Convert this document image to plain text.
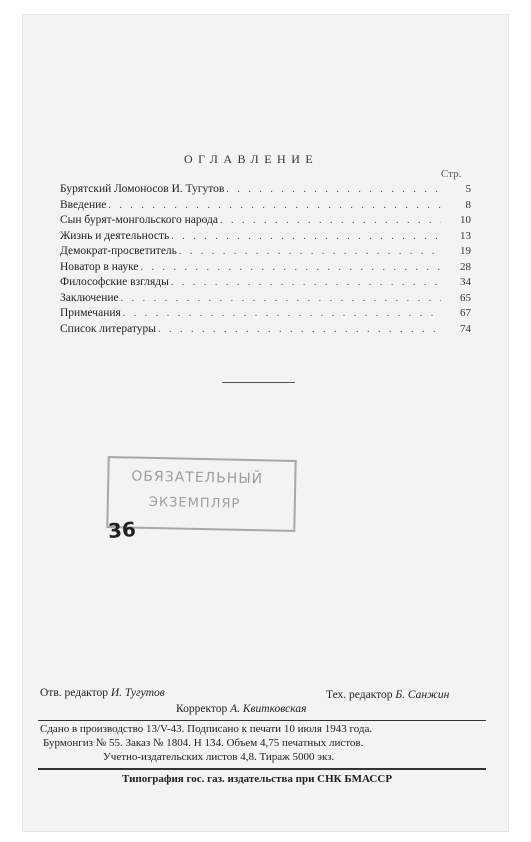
ОГЛАВЛЕНИЕ
Стр.
Бурятский Ломоносов И. Тугутов . . .	5
Введение . . .	8
Сын бурят-монгольского народа . . .	10
Жизнь и деятельность . . .	13
Демократ-просветитель . . .	19
Новатор в науке . . .	28
Философские взгляды . . .	34
Заключение . . .	65
Примечания . . .	67
Список литературы . . .	74
ОБЯЗАТЕЛЬНЫЙ
ЭКЗЕМПЛЯР
36
Отв. редактор И. Тугутов	Тех. редактор Б. Санжин
Корректор А. Квитковская
Сдано в производство 13/V-43. Подписано к печати 10 июля 1943 года.
Бурмонгиз № 55. Заказ № 1804. Н 134. Объем 4,75 печатных листов.
Учетно-издательских листов 4,8. Тираж 5000 экз.
Типография гос. газ. издательства при СНК БМАССР
